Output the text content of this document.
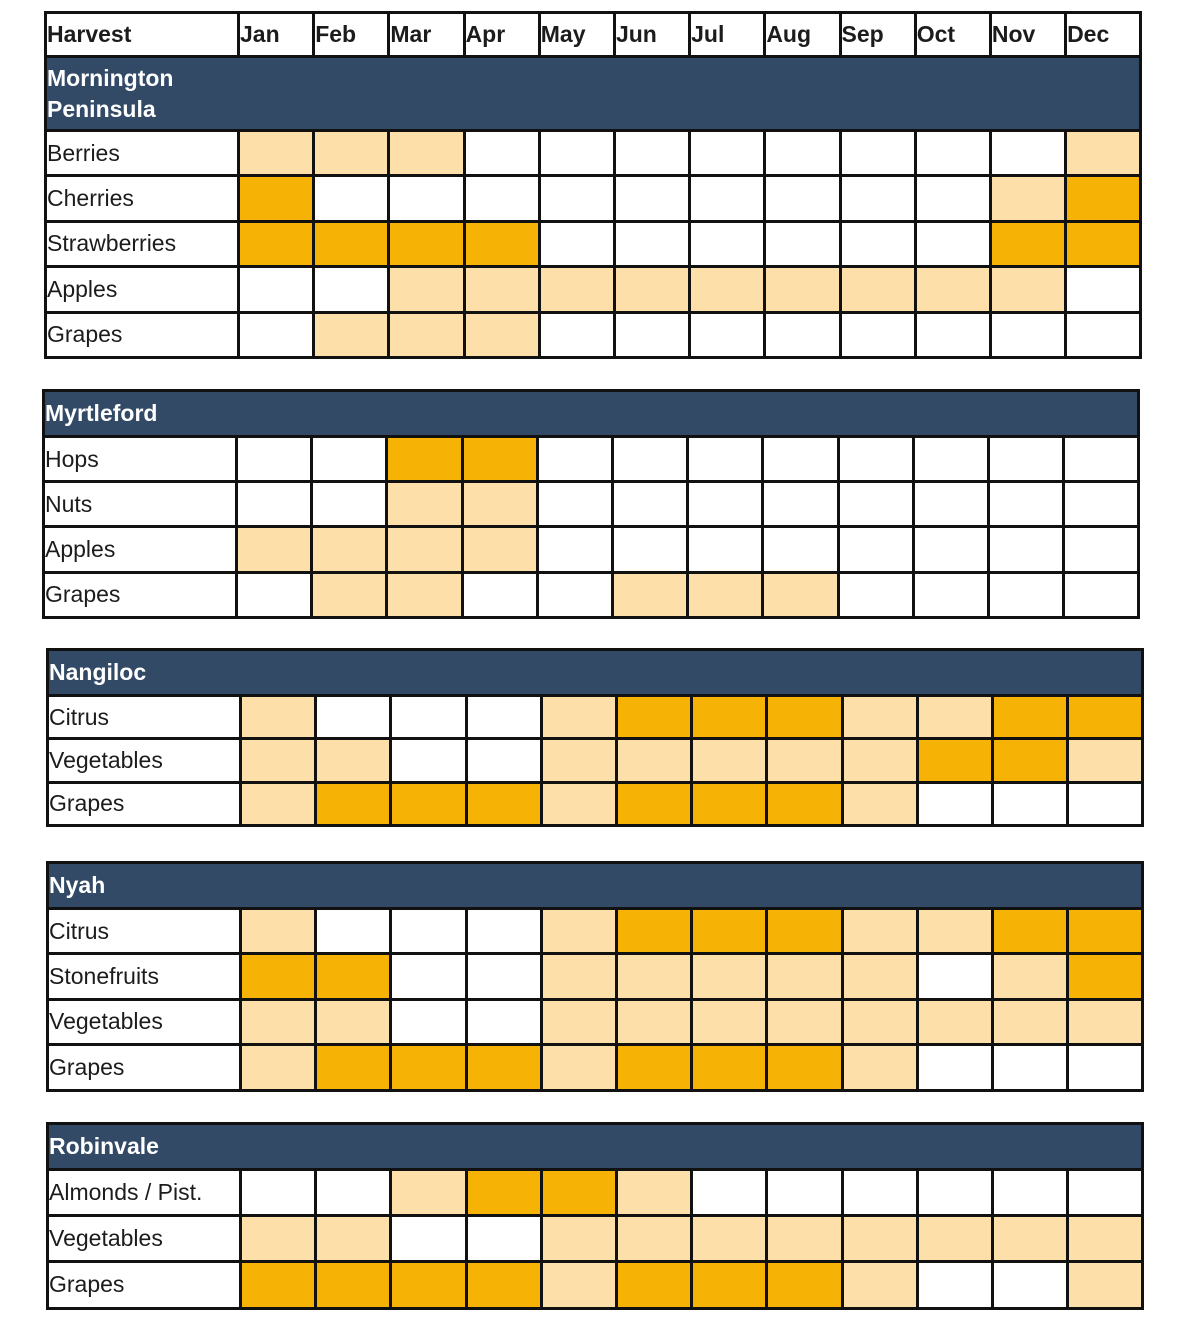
Harvest	Jan	Feb	Mar	Apr	May	Jun	Jul	Aug	Sep	Oct	Nov	Dec
Mornington Peninsula												
Berries												
Cherries												
Strawberries												
Apples												
Grapes												
Myrtleford												
Hops												
Nuts												
Apples												
Grapes												
Nangiloc												
Citrus												
Vegetables												
Grapes												
Nyah												
Citrus												
Stonefruits												
Vegetables												
Grapes												
Robinvale												
Almonds / Pist.												
Vegetables												
Grapes												
